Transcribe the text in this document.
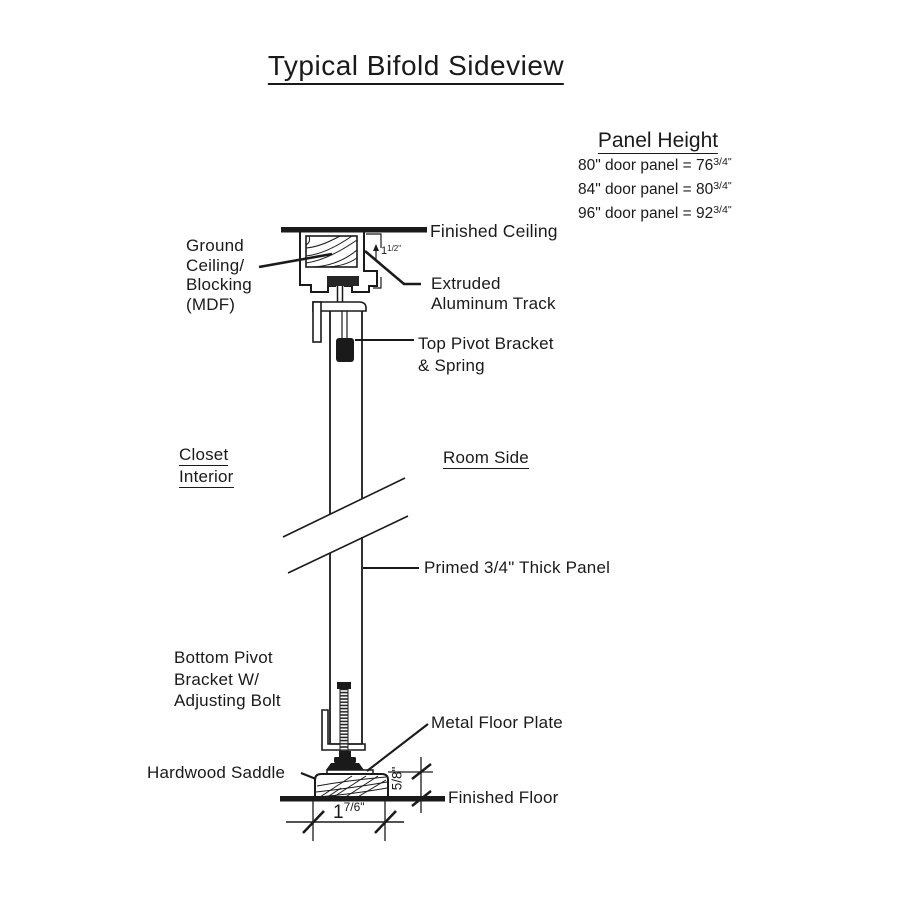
Typical Bifold Sideview
Panel Height
80" door panel = $76^{3/4"}$
84" door panel = $80^{3/4"}$
96" door panel = $92^{3/4"}$
Finished Ceiling
Ground
Ceiling/
Blocking
(MDF)
Extruded
Aluminum Track
Top Pivot Bracket
& Spring
Closet
Interior
Room Side
Primed 3/4" Thick Panel
Bottom Pivot
Bracket W/
Adjusting Bolt
Metal Floor Plate
Hardwood Saddle
Finished Floor
$1^{1/2"}$
5/8"
$1^{7/6"}$
